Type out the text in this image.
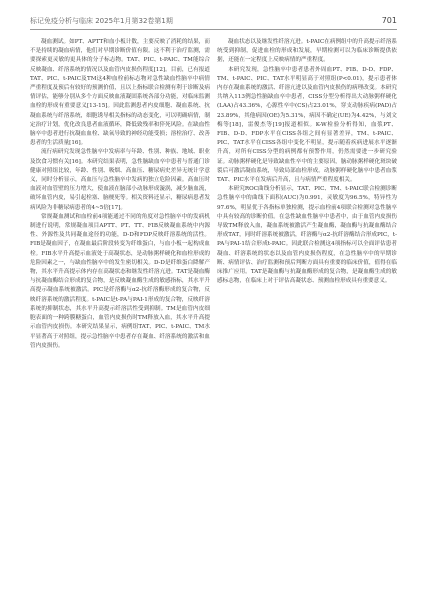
标记免疫分析与临床 2025年1月第32卷第1期	701

凝血测试。如PT、APTT和血小板计数，主要反映了消耗的结果，而不是持续的凝血病情，他们对早期诊断价值有限。这不利于治疗监测，需要探索更灵敏的更具体的分子标志物。TAT、PIC、t-PAIC、TM能综合反映凝血、纤溶系统的情况以及血管内皮损伤程度[12]。目前，已有报道TAT、PIC、t-PAIC及TM这4种血栓前标志物对急性缺血性脑卒中病情严重程度及预后有较好的预测价值，且以上指标联合检测有利于诊断及病情评估，能够分别从多个方面反映血液凝固系统各部分功能，对临床监测血栓的形成有重要意义[13-15]。因此监测患者内皮细胞、凝血系统、抗凝血系统与纤溶系统，细胞诱导相关指标的动态变化，可以明确病情，制定治疗计划，优化改良患者血液循环，降低致残率和猝死风险。在缺血性脑卒中患者进行抗凝血血栓、缺氧导致的神经功能受损；溶栓治疗、改善患者的生活质量[16]。

流行病研究发现急性脑卒中发病率与年龄、性别、种族、地域、职业及饮食习惯有关[16]。本研究结果表明，急性脑缺血卒中患者与普通门诊健康对照组比较，年龄、性别、吸烟、高血压、糖尿病史差异无统计学意义，同时分析显示，高血压与急性脑卒中发病的独立危险因素。高血压时血液对血管壁的压力增大，使血液在脑部小动脉形成漩涡，减少脑血流，破坏血管内皮，易引起栓塞、脑梗死等。相关资料还显示，糖尿病患者发病风险为非糖尿病患者的4~5倍[17]。

常规凝血测试和血栓前4项能通过不同的角度对急性脑卒中的发病机制进行说明，常规凝血项目APTT、PT、TT、FIB反映凝血系统中内源性、外源性及共同凝血途径的功能，D-D和FDP反映纤溶系统的活性。FIB是凝血因子，在凝血最后阶段转变为纤维蛋白，与血小板一起构成血栓。FIB水平升高提示血液处于高凝状态，是动脉粥样硬化和血栓形成的危险因素之一，与缺血性脑卒中的发生密切相关。D-D是纤维蛋白降解产物，其水平升高提示体内存在高凝状态和继发性纤溶亢进。TAT是凝血酶与抗凝血酶结合形成的复合物，是反映凝血酶生成的敏感指标，其水平升高提示凝血系统被激活。PIC是纤溶酶与α2-抗纤溶酶形成的复合物，反映纤溶系统的激活程度。t-PAIC是t-PA与PAI-1形成的复合物，反映纤溶系统的抑制状态，其水平升高提示纤溶活性受到抑制。TM是血管内皮细胞表面的一种跨膜糖蛋白，血管内皮损伤时TM释放入血，其水平升高提示血管内皮损伤。本研究结果显示，病例组TAT、PIC、t-PAIC、TM水平显著高于对照组，提示急性脑卒中患者存在凝血、纤溶系统的激活和血管内皮损伤。

凝血状态以及继发性纤溶亢进。t-PAIC在病例组中的升高提示纤溶系统受到抑制，促进血栓的形成和发展，早期检测可以为临床诊断提供依据，还能在一定程度上反映病情的严重程度。

本研究发现，急性脑卒中患者患者外周血PT、FIB、D-D、FDP、TM、t-PAIC、PIC、TAT水平明显高于对照组(P<0.01)，提示患者体内存在凝血系统的激活、纤溶亢进以及血管内皮损伤的病理改变。本研究共纳入113例急性脑缺血卒中患者，CISS分型分析得出大动脉粥样硬化(LAA)占43.36%，心源性卒中(CS)占23.01%，穿支动脉疾病(PAD)占23.89%，其他病因(OE)为5.31%，病因不确定(UE)为4.42%，与刘文梅等[18]，雷俊杰等[19]报道相似。K-W检验分析得知，血浆PT、FIB、D-D、FDP水平在CISS各组之间有显著差异，TM、t-PAIC、PIC、TAT水平在CISS各组中变化不明显，提示随着疾病进展水平逐渐升高，对所有CISS分型的病例都有预警作用，仍然需要进一步研究验证。动脉粥样硬化是导致缺血性卒中的主要原因，脑动脉粥样硬化斑块破裂后可激活凝血系统，导致局部血栓形成。动脉粥样硬化脑卒中患者血浆TAT、PIC水平在发病后升高，且与病情严重程度相关。

本研究ROC曲线分析显示，TAT、PIC、TM、t-PAIC联合检测诊断急性脑卒中的曲线下面积(AUC)为0.991，灵敏度为96.5%，特异性为97.6%，明显优于各指标单独检测，提示血栓前4项联合检测对急性脑卒中具有较高的诊断价值。在急性缺血性脑卒中患者中，由于血管内皮损伤导致TM释放入血，凝血系统被激活产生凝血酶，凝血酶与抗凝血酶结合形成TAT，同时纤溶系统被激活，纤溶酶与α2-抗纤溶酶结合形成PIC，t-PA与PAI-1结合形成t-PAIC。因此联合检测这4项指标可以全面评估患者凝血、纤溶系统的状态以及血管内皮损伤程度，在急性脑卒中的早期诊断、病情评估、治疗监测和预后判断方面具有重要的临床价值，值得在临床推广应用。TAT是凝血酶与抗凝血酶形成的复合物，是凝血酶生成的敏感标志物，在临床上对于评估高凝状态、预测血栓形成具有重要意义。
